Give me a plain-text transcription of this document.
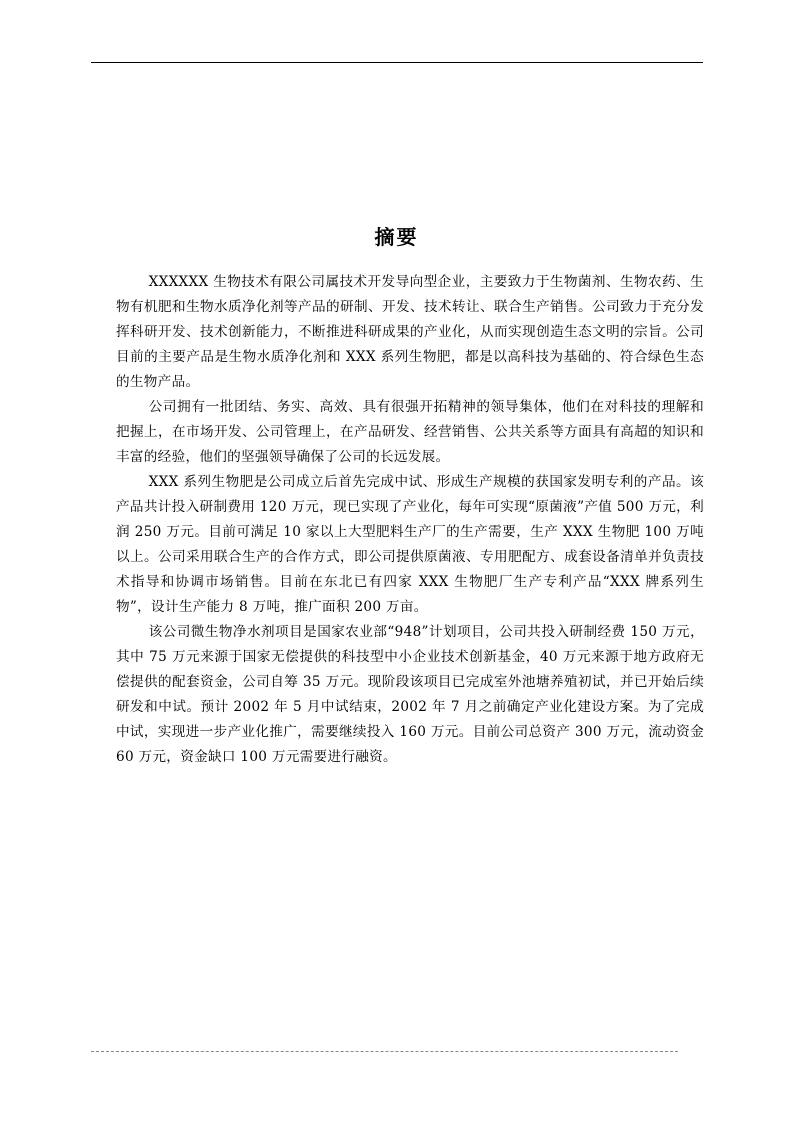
摘要

XXXXXX 生物技术有限公司属技术开发导向型企业，主要致力于生物菌剂、生物农药、生物有机肥和生物水质净化剂等产品的研制、开发、技术转让、联合生产销售。公司致力于充分发挥科研开发、技术创新能力，不断推进科研成果的产业化，从而实现创造生态文明的宗旨。公司目前的主要产品是生物水质净化剂和 XXX 系列生物肥，都是以高科技为基础的、符合绿色生态的生物产品。

公司拥有一批团结、务实、高效、具有很强开拓精神的领导集体，他们在对科技的理解和把握上，在市场开发、公司管理上，在产品研发、经营销售、公共关系等方面具有高超的知识和丰富的经验，他们的坚强领导确保了公司的长远发展。

XXX 系列生物肥是公司成立后首先完成中试、形成生产规模的获国家发明专利的产品。该产品共计投入研制费用 120 万元，现已实现了产业化，每年可实现“原菌液”产值 500 万元，利润 250 万元。目前可满足 10 家以上大型肥料生产厂的生产需要，生产 XXX 生物肥 100 万吨以上。公司采用联合生产的合作方式，即公司提供原菌液、专用肥配方、成套设备清单并负责技术指导和协调市场销售。目前在东北已有四家 XXX 生物肥厂生产专利产品“XXX 牌系列生物”，设计生产能力 8 万吨，推广面积 200 万亩。

该公司微生物净水剂项目是国家农业部“948”计划项目，公司共投入研制经费 150 万元，其中 75 万元来源于国家无偿提供的科技型中小企业技术创新基金，40 万元来源于地方政府无偿提供的配套资金，公司自筹 35 万元。现阶段该项目已完成室外池塘养殖初试，并已开始后续研发和中试。预计 2002 年 5 月中试结束，2002 年 7 月之前确定产业化建设方案。为了完成中试，实现进一步产业化推广，需要继续投入 160 万元。目前公司总资产 300 万元，流动资金 60 万元，资金缺口 100 万元需要进行融资。
